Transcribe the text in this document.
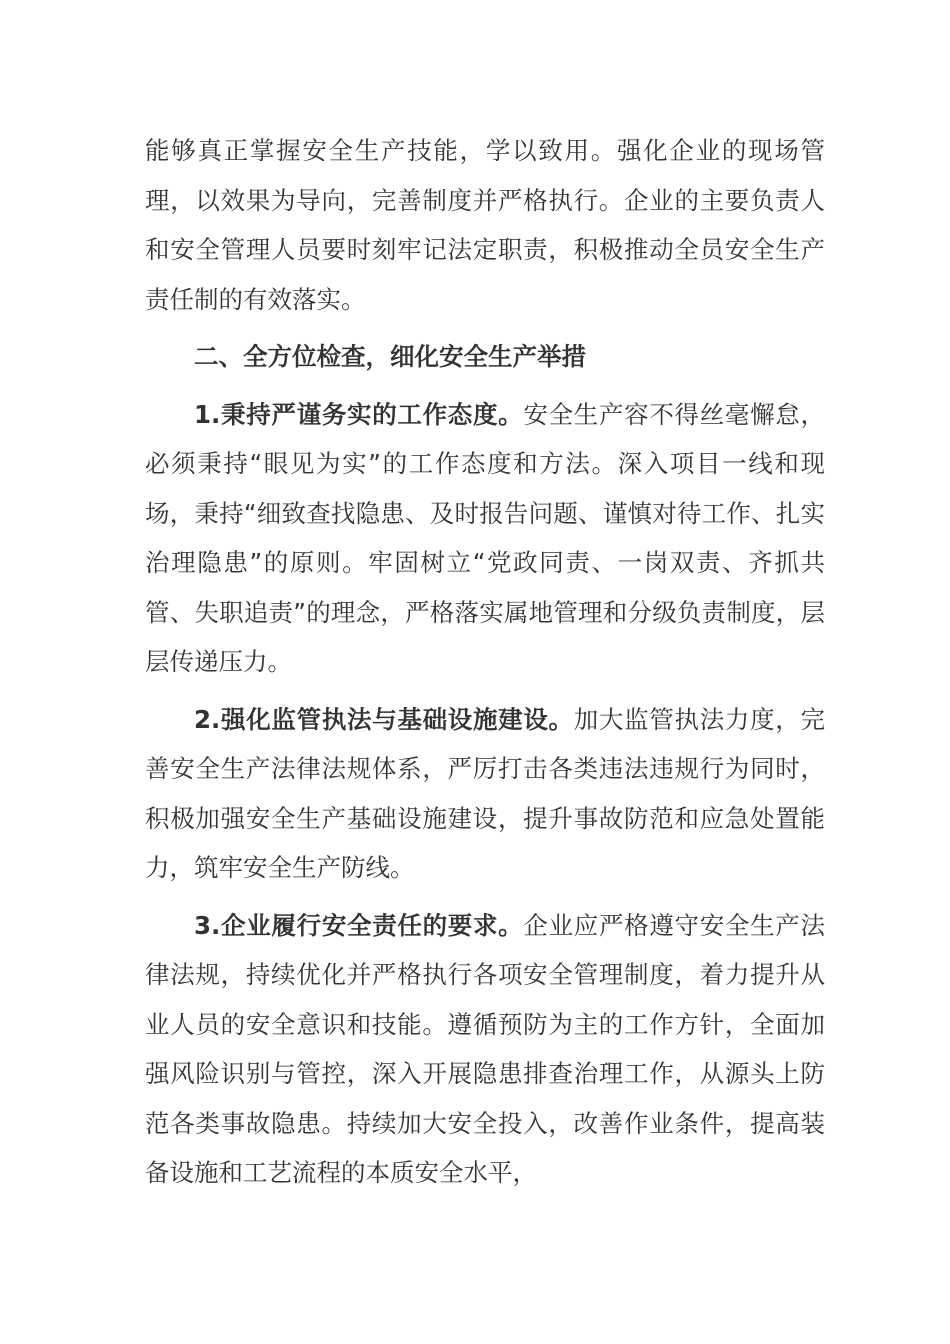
能够真正掌握安全生产技能，学以致用。强化企业的现场管理，以效果为导向，完善制度并严格执行。企业的主要负责人和安全管理人员要时刻牢记法定职责，积极推动全员安全生产责任制的有效落实。

二、全方位检查，细化安全生产举措

1.秉持严谨务实的工作态度。安全生产容不得丝毫懈怠，必须秉持“眼见为实”的工作态度和方法。深入项目一线和现场，秉持“细致查找隐患、及时报告问题、谨慎对待工作、扎实治理隐患”的原则。牢固树立“党政同责、一岗双责、齐抓共管、失职追责”的理念，严格落实属地管理和分级负责制度，层层传递压力。

2.强化监管执法与基础设施建设。加大监管执法力度，完善安全生产法律法规体系，严厉打击各类违法违规行为同时，积极加强安全生产基础设施建设，提升事故防范和应急处置能力，筑牢安全生产防线。

3.企业履行安全责任的要求。企业应严格遵守安全生产法律法规，持续优化并严格执行各项安全管理制度，着力提升从业人员的安全意识和技能。遵循预防为主的工作方针，全面加强风险识别与管控，深入开展隐患排查治理工作，从源头上防范各类事故隐患。持续加大安全投入，改善作业条件，提高装备设施和工艺流程的本质安全水平，
